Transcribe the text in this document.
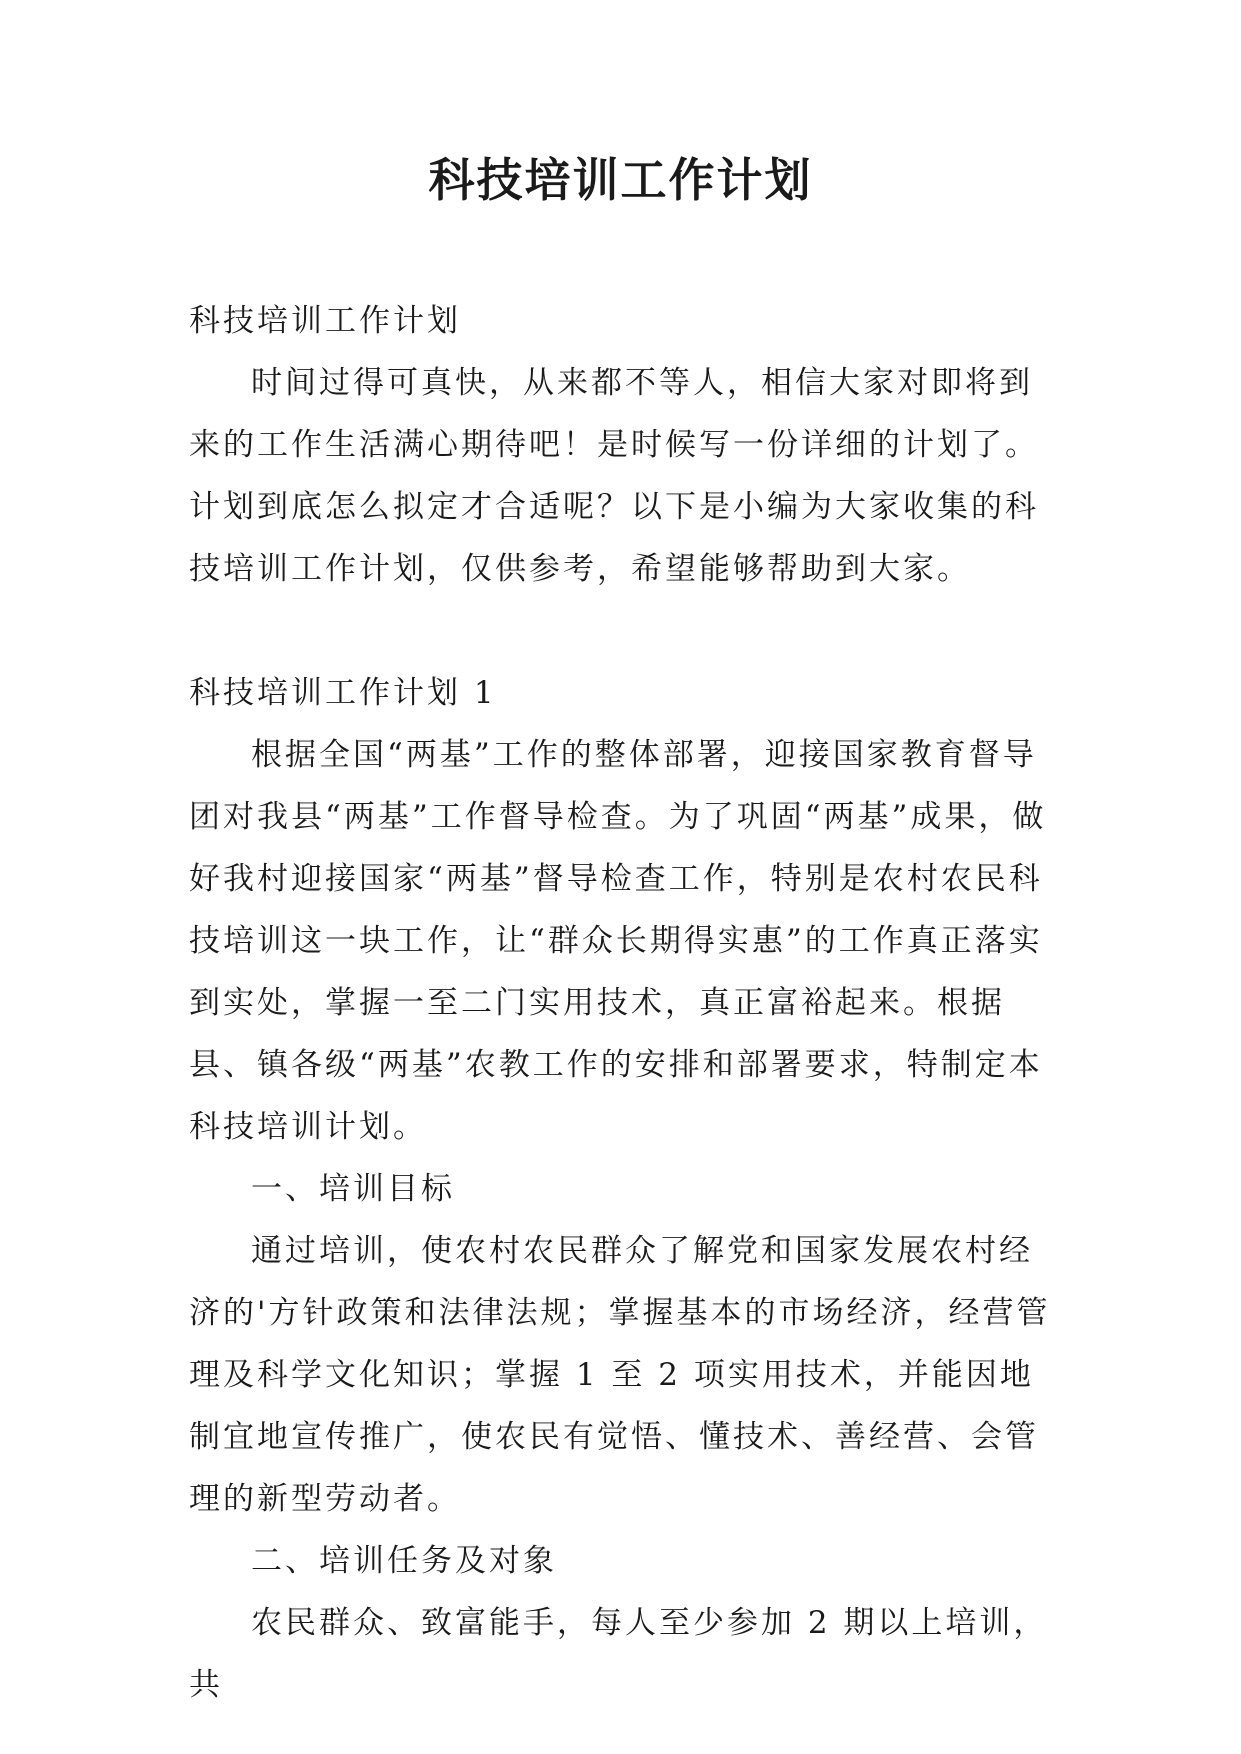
科技培训工作计划

科技培训工作计划

时间过得可真快，从来都不等人，相信大家对即将到来的工作生活满心期待吧！是时候写一份详细的计划了。计划到底怎么拟定才合适呢？以下是小编为大家收集的科技培训工作计划，仅供参考，希望能够帮助到大家。

科技培训工作计划 1

根据全国“两基”工作的整体部署，迎接国家教育督导团对我县“两基”工作督导检查。为了巩固“两基”成果，做好我村迎接国家“两基”督导检查工作，特别是农村农民科技培训这一块工作，让“群众长期得实惠”的工作真正落实到实处，掌握一至二门实用技术，真正富裕起来。根据县、镇各级“两基”农教工作的安排和部署要求，特制定本科技培训计划。

一、培训目标

通过培训，使农村农民群众了解党和国家发展农村经济的'方针政策和法律法规；掌握基本的市场经济，经营管理及科学文化知识；掌握 1 至 2 项实用技术，并能因地制宜地宣传推广，使农民有觉悟、懂技术、善经营、会管理的新型劳动者。

二、培训任务及对象

农民群众、致富能手，每人至少参加 2 期以上培训，共
